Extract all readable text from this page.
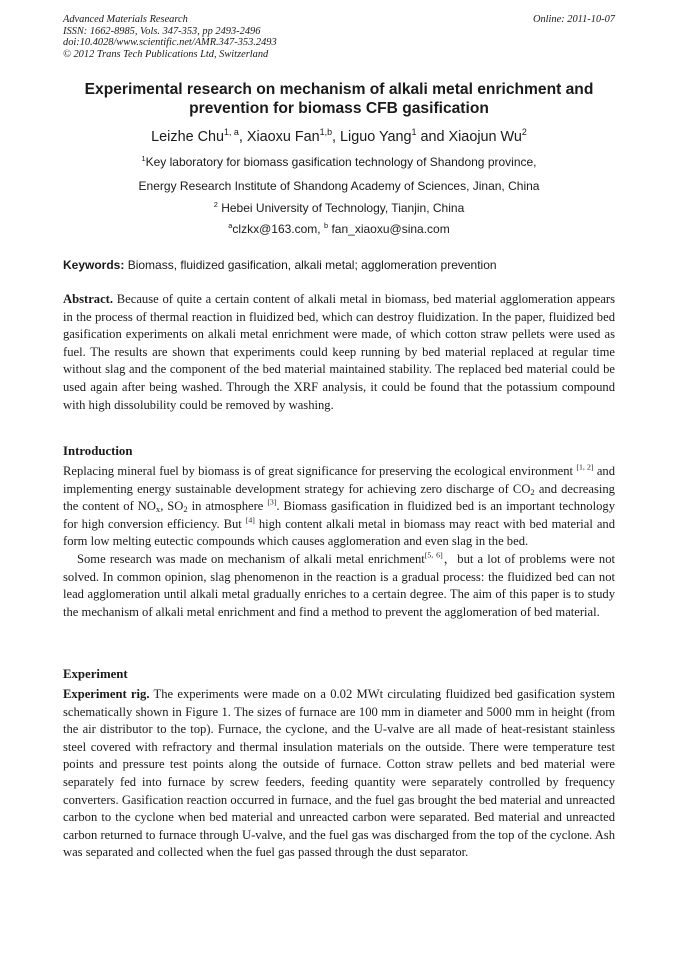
Advanced Materials Research
ISSN: 1662-8985, Vols. 347-353, pp 2493-2496
doi:10.4028/www.scientific.net/AMR.347-353.2493
© 2012 Trans Tech Publications Ltd, Switzerland
Online: 2011-10-07
Experimental research on mechanism of alkali metal enrichment and prevention for biomass CFB gasification
Leizhe Chu$^{1, a}$, Xiaoxu Fan$^{1,b}$, Liguo Yang$^1$ and Xiaojun Wu$^2$
$^1$Key laboratory for biomass gasification technology of Shandong province,
Energy Research Institute of Shandong Academy of Sciences, Jinan, China
$^2$ Hebei University of Technology, Tianjin, China
$^a$clzkx@163.com, $^b$ fan_xiaoxu@sina.com
Keywords: Biomass, fluidized gasification, alkali metal; agglomeration prevention

Abstract. Because of quite a certain content of alkali metal in biomass, bed material agglomeration appears in the process of thermal reaction in fluidized bed, which can destroy fluidization. In the paper, fluidized bed gasification experiments on alkali metal enrichment were made, of which cotton straw pellets were used as fuel. The results are shown that experiments could keep running by bed material replaced at regular time without slag and the component of the bed material maintained stability. The replaced bed material could be used again after being washed. Through the XRF analysis, it could be found that the potassium compound with high dissolubility could be removed by washing.

Introduction

Replacing mineral fuel by biomass is of great significance for preserving the ecological environment [1, 2] and implementing energy sustainable development strategy for achieving zero discharge of $CO_2$ and decreasing the content of $NO_x$, $SO_2$ in atmosphere [3]. Biomass gasification in fluidized bed is an important technology for high conversion efficiency. But [4] high content alkali metal in biomass may react with bed material and form low melting eutectic compounds which causes agglomeration and even slag in the bed.

Some research was made on mechanism of alkali metal enrichment[5, 6]，but a lot of problems were not solved. In common opinion, slag phenomenon in the reaction is a gradual process: the fluidized bed can not lead agglomeration until alkali metal gradually enriches to a certain degree. The aim of this paper is to study the mechanism of alkali metal enrichment and find a method to prevent the agglomeration of bed material.

Experiment

Experiment rig. The experiments were made on a 0.02 MWt circulating fluidized bed gasification system schematically shown in Figure 1. The sizes of furnace are 100 mm in diameter and 5000 mm in height (from the air distributor to the top). Furnace, the cyclone, and the U-valve are all made of heat-resistant stainless steel covered with refractory and thermal insulation materials on the outside. There were temperature test points and pressure test points along the outside of furnace. Cotton straw pellets and bed material were separately fed into furnace by screw feeders, feeding quantity were separately controlled by frequency converters. Gasification reaction occurred in furnace, and the fuel gas brought the bed material and unreacted carbon to the cyclone when bed material and unreacted carbon were separated. Bed material and unreacted carbon returned to furnace through U-valve, and the fuel gas was discharged from the top of the cyclone. Ash was separated and collected when the fuel gas passed through the dust separator.
